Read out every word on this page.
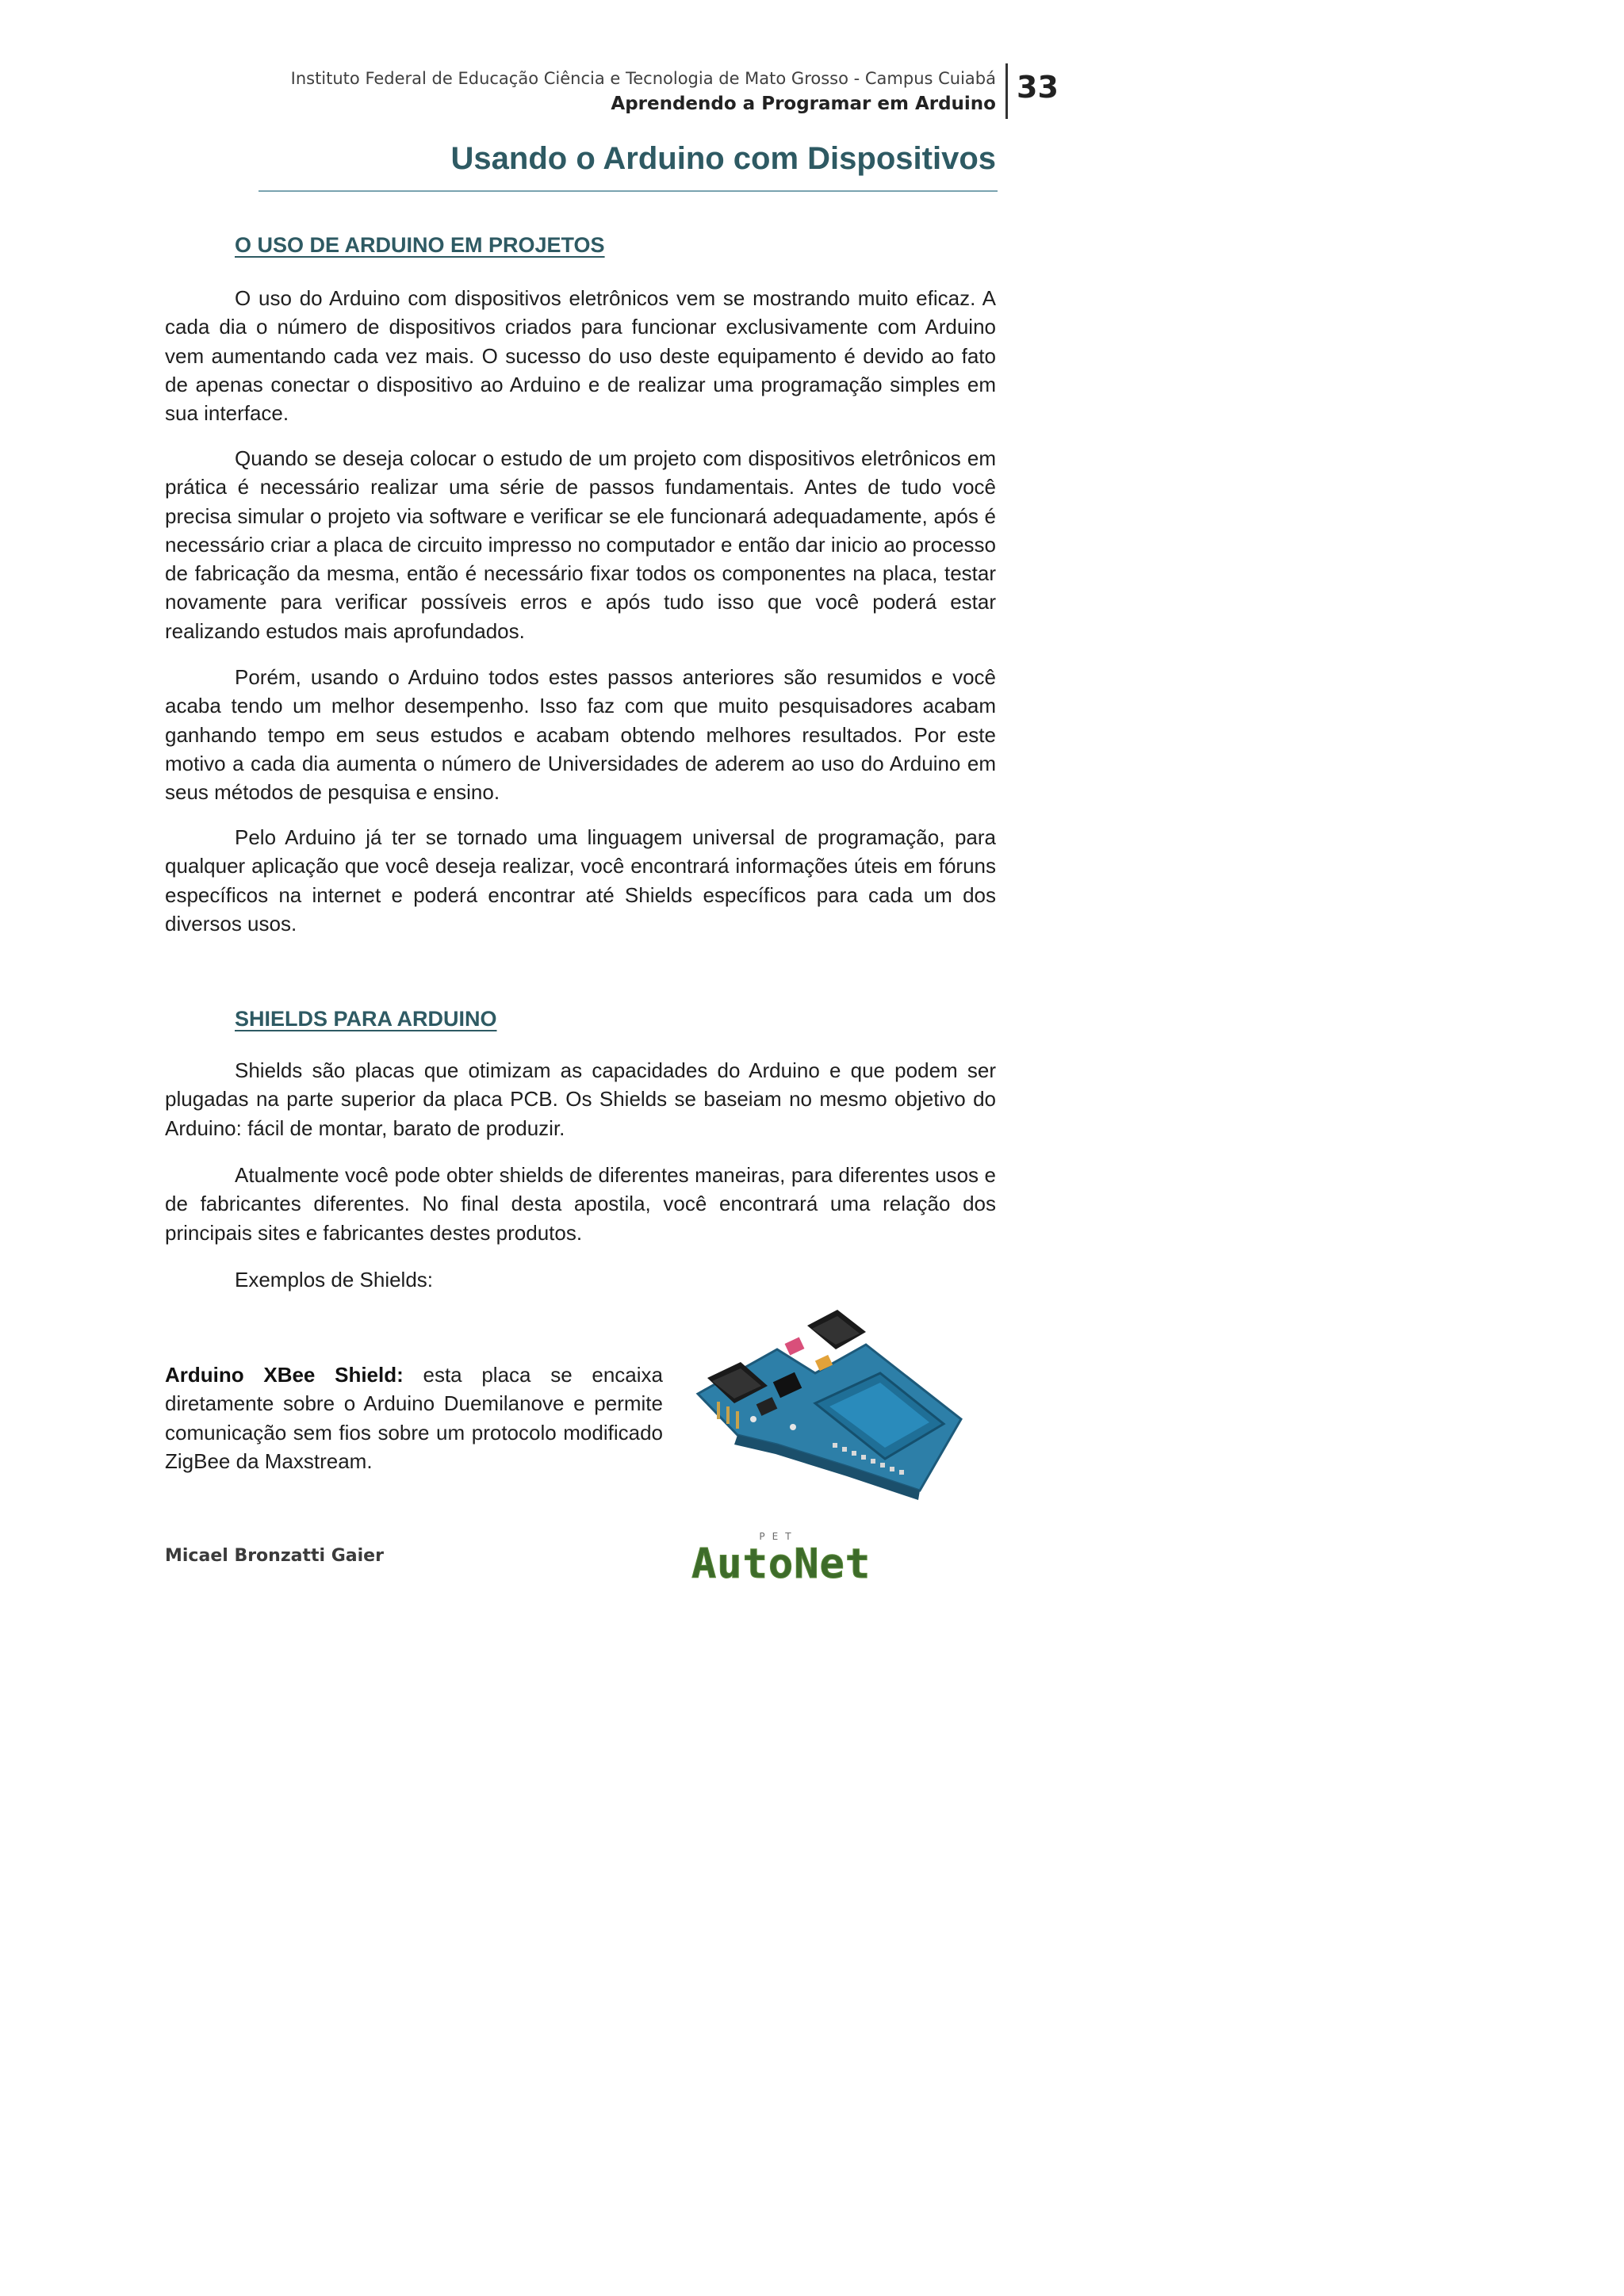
Instituto Federal de Educação Ciência e Tecnologia de Mato Grosso - Campus Cuiabá
Aprendendo a Programar em Arduino 33
Usando o Arduino com Dispositivos
O USO DE ARDUINO EM PROJETOS

O uso do Arduino com dispositivos eletrônicos vem se mostrando muito eficaz. A cada dia o número de dispositivos criados para funcionar exclusivamente com Arduino vem aumentando cada vez mais. O sucesso do uso deste equipamento é devido ao fato de apenas conectar o dispositivo ao Arduino e de realizar uma programação simples em sua interface.

Quando se deseja colocar o estudo de um projeto com dispositivos eletrônicos em prática é necessário realizar uma série de passos fundamentais. Antes de tudo você precisa simular o projeto via software e verificar se ele funcionará adequadamente, após é necessário criar a placa de circuito impresso no computador e então dar inicio ao processo de fabricação da mesma, então é necessário fixar todos os componentes na placa, testar novamente para verificar possíveis erros e após tudo isso que você poderá estar realizando estudos mais aprofundados.

Porém, usando o Arduino todos estes passos anteriores são resumidos e você acaba tendo um melhor desempenho. Isso faz com que muito pesquisadores acabam ganhando tempo em seus estudos e acabam obtendo melhores resultados. Por este motivo a cada dia aumenta o número de Universidades de aderem ao uso do Arduino em seus métodos de pesquisa e ensino.

Pelo Arduino já ter se tornado uma linguagem universal de programação, para qualquer aplicação que você deseja realizar, você encontrará informações úteis em fóruns específicos na internet e poderá encontrar até Shields específicos para cada um dos diversos usos.

SHIELDS PARA ARDUINO

Shields são placas que otimizam as capacidades do Arduino e que podem ser plugadas na parte superior da placa PCB. Os Shields se baseiam no mesmo objetivo do Arduino: fácil de montar, barato de produzir.

Atualmente você pode obter shields de diferentes maneiras, para diferentes usos e de fabricantes diferentes. No final desta apostila, você encontrará uma relação dos principais sites e fabricantes destes produtos.

Exemplos de Shields:

Arduino XBee Shield: esta placa se encaixa diretamente sobre o Arduino Duemilanove e permite comunicação sem fios sobre um protocolo modificado ZigBee da Maxstream.

Micael Bronzatti Gaier
PET
AutoNet
